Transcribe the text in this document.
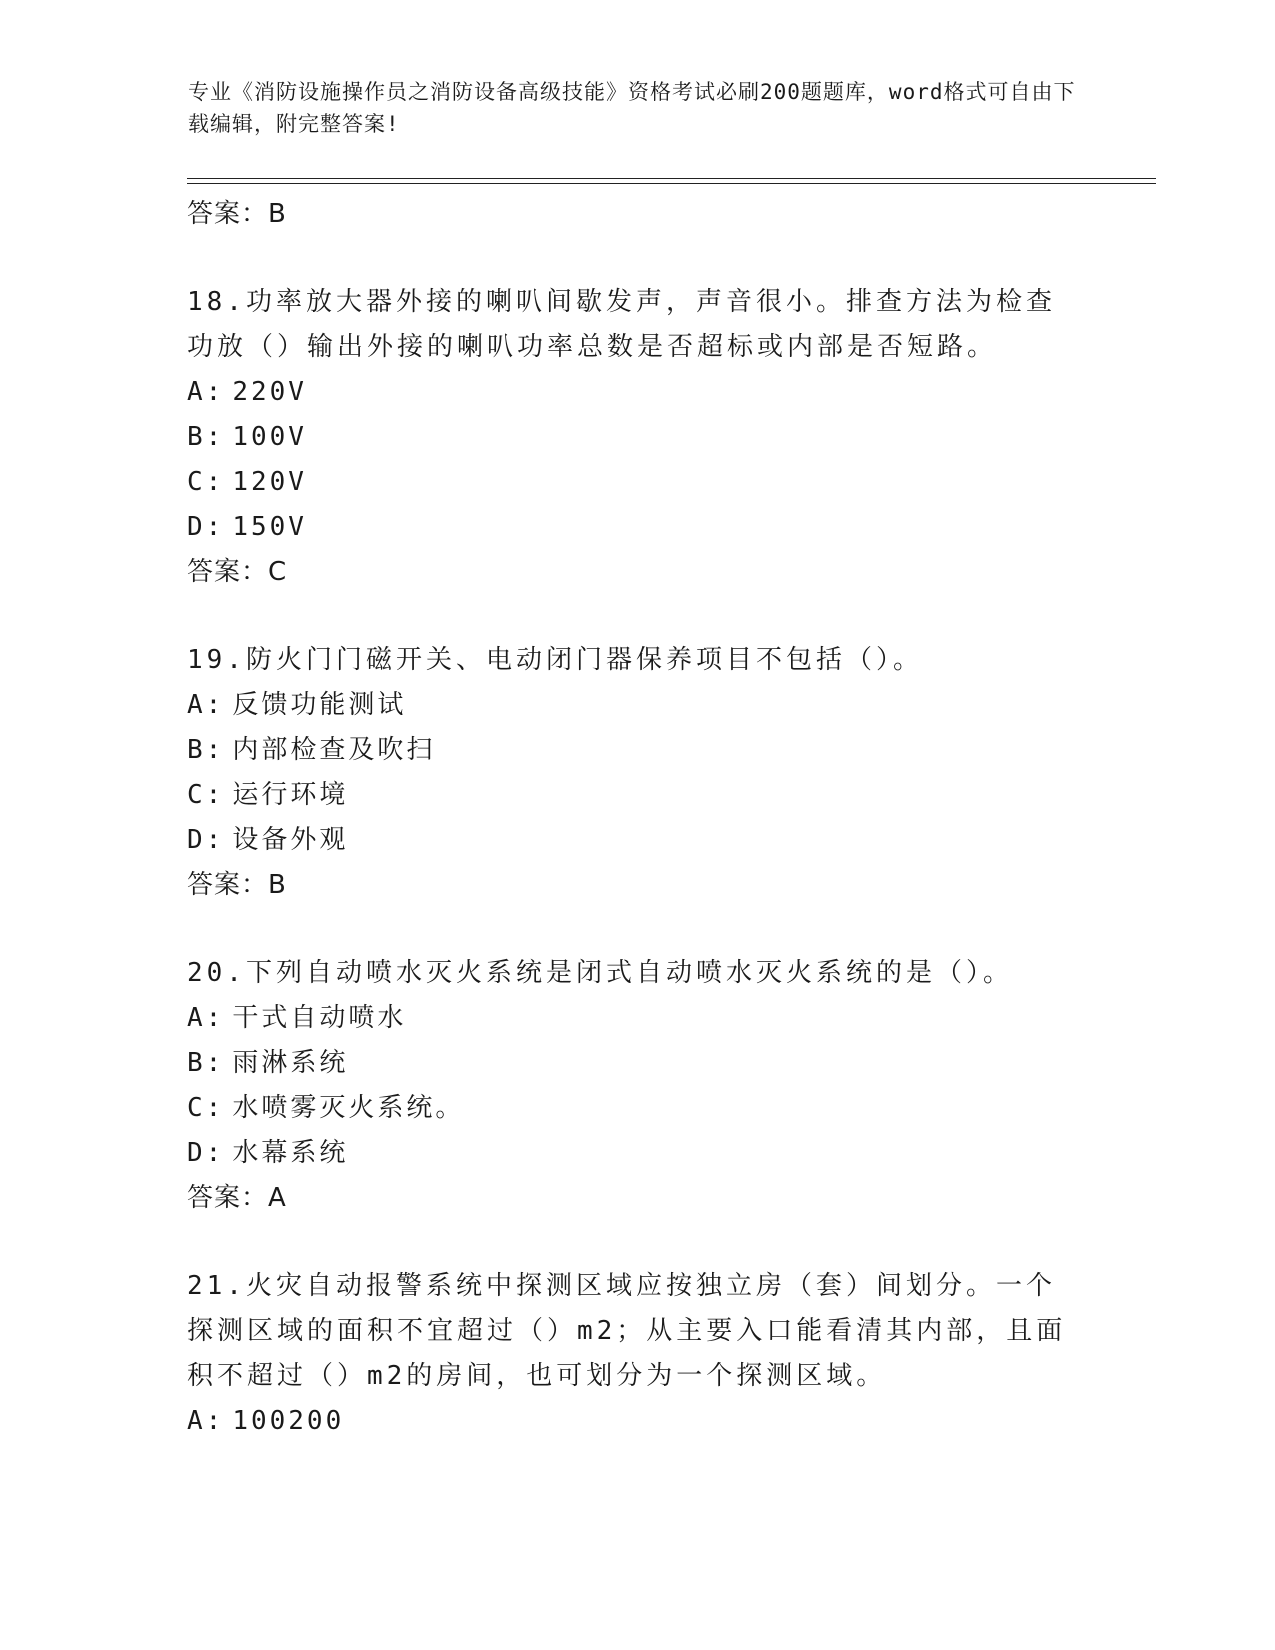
专业《消防设施操作员之消防设备高级技能》资格考试必刷200题题库，word格式可自由下载编辑，附完整答案!
答案：B
18.功率放大器外接的喇叭间歇发声，声音很小。排查方法为检查功放（）输出外接的喇叭功率总数是否超标或内部是否短路。
A: 220V
B: 100V
C: 120V
D: 150V
答案：C
19.防火门门磁开关、电动闭门器保养项目不包括（）。
A: 反馈功能测试
B: 内部检查及吹扫
C: 运行环境
D: 设备外观
答案：B
20.下列自动喷水灭火系统是闭式自动喷水灭火系统的是（）。
A: 干式自动喷水
B: 雨淋系统
C: 水喷雾灭火系统。
D: 水幕系统
答案：A
21.火灾自动报警系统中探测区域应按独立房（套）间划分。一个探测区域的面积不宜超过（）m2；从主要入口能看清其内部，且面积不超过（）m2的房间，也可划分为一个探测区域。
A: 100200
